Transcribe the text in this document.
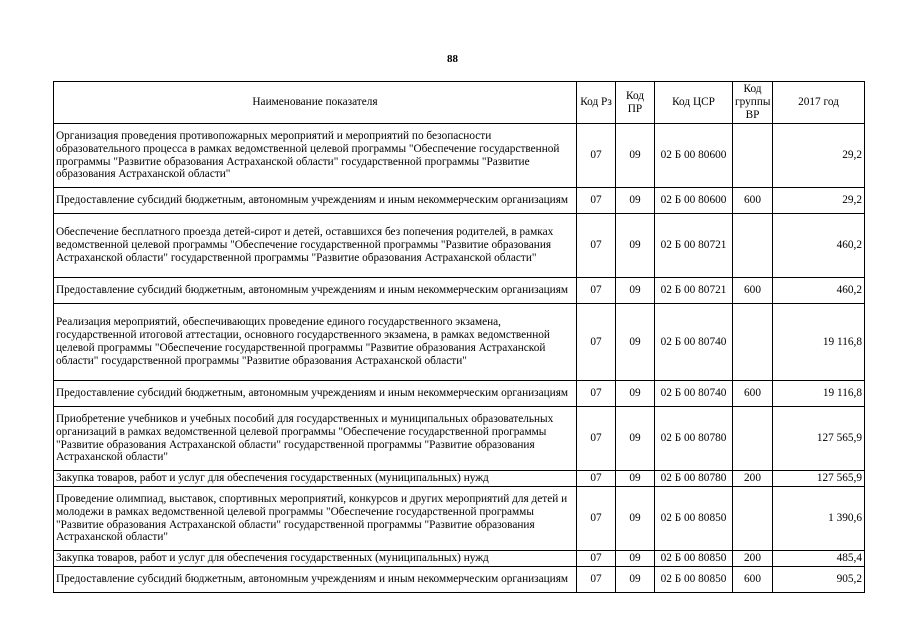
88
Наименование показателя	Код Рз	Код ПР	Код ЦСР	Код группы ВР	2017 год
Организация проведения противопожарных мероприятий и мероприятий по безопасности образовательного процесса в рамках ведомственной целевой программы "Обеспечение государственной программы "Развитие образования Астраханской области" государственной программы "Развитие образования Астраханской области"	07	09	02 Б 00 80600		29,2
Предоставление субсидий бюджетным, автономным учреждениям и иным некоммерческим организациям	07	09	02 Б 00 80600	600	29,2
Обеспечение бесплатного проезда детей-сирот и детей, оставшихся без попечения родителей, в рамках ведомственной целевой программы "Обеспечение государственной программы "Развитие образования Астраханской области" государственной программы "Развитие образования Астраханской области"	07	09	02 Б 00 80721		460,2
Предоставление субсидий бюджетным, автономным учреждениям и иным некоммерческим организациям	07	09	02 Б 00 80721	600	460,2
Реализация мероприятий, обеспечивающих проведение единого государственного экзамена, государственной итоговой аттестации, основного государственного экзамена, в рамках ведомственной целевой программы "Обеспечение государственной программы "Развитие образования Астраханской области" государственной программы "Развитие образования Астраханской области"	07	09	02 Б 00 80740		19 116,8
Предоставление субсидий бюджетным, автономным учреждениям и иным некоммерческим организациям	07	09	02 Б 00 80740	600	19 116,8
Приобретение учебников и учебных пособий для государственных и муниципальных образовательных организаций в рамках ведомственной целевой программы "Обеспечение государственной программы "Развитие образования Астраханской области" государственной программы "Развитие образования Астраханской области"	07	09	02 Б 00 80780		127 565,9
Закупка товаров, работ и услуг для обеспечения государственных (муниципальных) нужд	07	09	02 Б 00 80780	200	127 565,9
Проведение олимпиад, выставок, спортивных мероприятий, конкурсов и других мероприятий для детей и молодежи в рамках ведомственной целевой программы "Обеспечение государственной программы "Развитие образования Астраханской области" государственной программы "Развитие образования Астраханской области"	07	09	02 Б 00 80850		1 390,6
Закупка товаров, работ и услуг для обеспечения государственных (муниципальных) нужд	07	09	02 Б 00 80850	200	485,4
Предоставление субсидий бюджетным, автономным учреждениям и иным некоммерческим организациям	07	09	02 Б 00 80850	600	905,2
